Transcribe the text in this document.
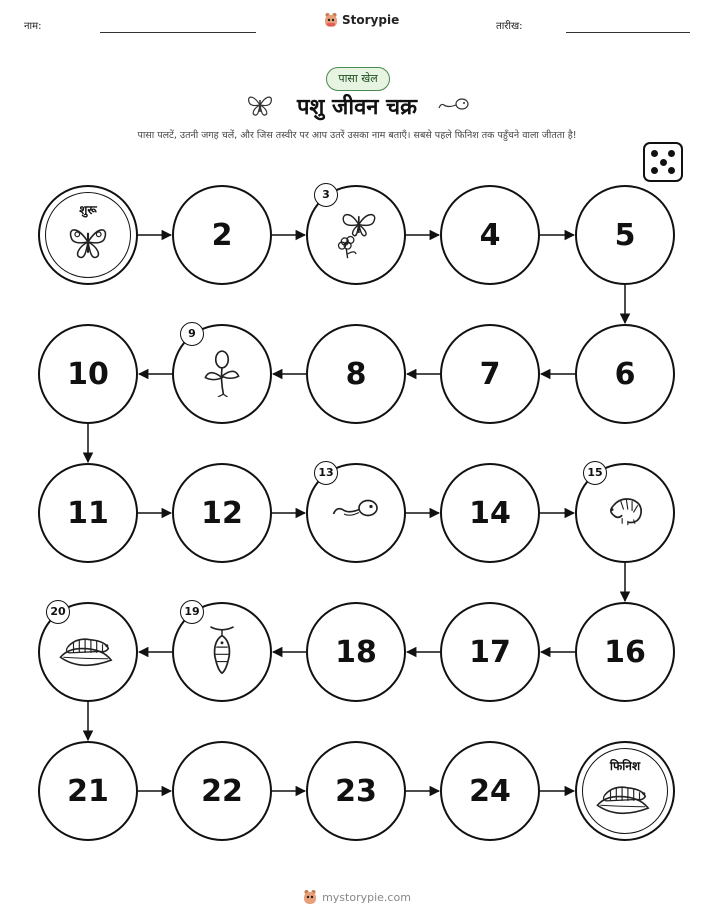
नाम:	Storypie	तारीख:
पासा खेल
पशु जीवन चक्र
पासा पलटें, उतनी जगह चलें, और जिस तस्वीर पर आप उतरें उसका नाम बताएँ। सबसे पहले फिनिश तक पहुँचने वाला जीतता है!
शुरू
2
3
4	5
6
7
8
9
10
11	12
13
14
15
16
17
18
19
20
21	22	23	24
फिनिश
mystorypie.com
